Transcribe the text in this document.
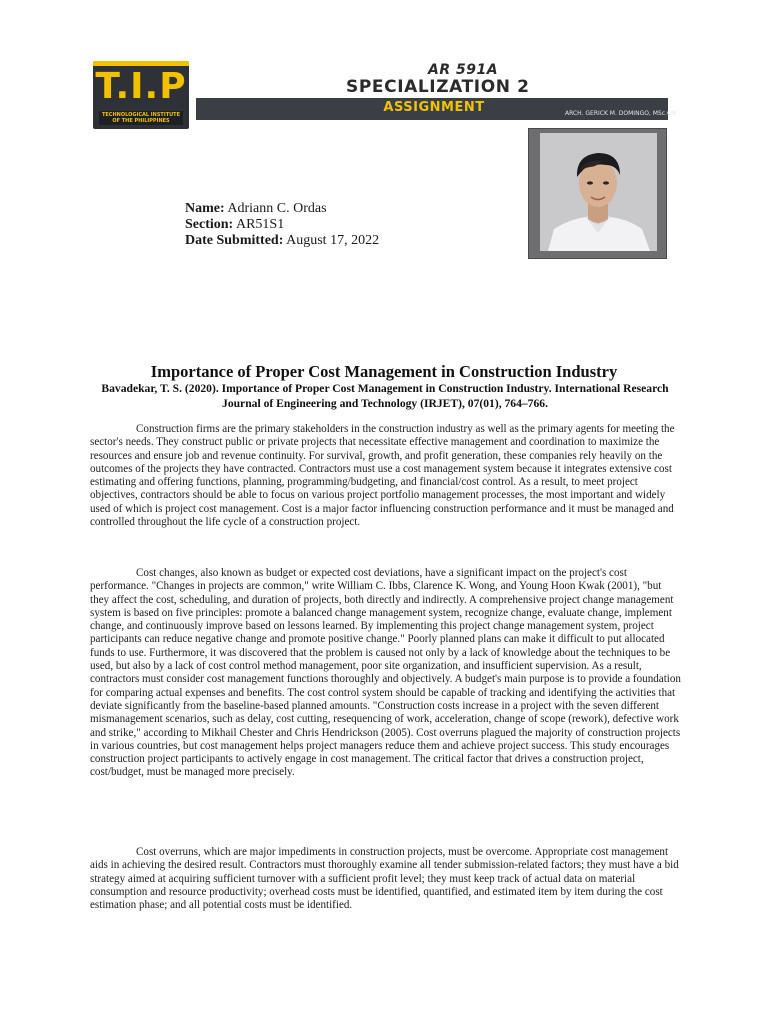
T.I.P
TECHNOLOGICAL INSTITUTE OF THE PHILIPPINES
AR 591A
SPECIALIZATION 2
ASSIGNMENT	ARCH. GERICK M. DOMINGO, MSc.CM
Name: Adriann C. Ordas
Section: AR51S1
Date Submitted: August 17, 2022
Importance of Proper Cost Management in Construction Industry
Bavadekar, T. S. (2020). Importance of Proper Cost Management in Construction Industry. International Research Journal of Engineering and Technology (IRJET), 07(01), 764–766.

Construction firms are the primary stakeholders in the construction industry as well as the primary agents for meeting the sector's needs. They construct public or private projects that necessitate effective management and coordination to maximize the resources and ensure job and revenue continuity. For survival, growth, and profit generation, these companies rely heavily on the outcomes of the projects they have contracted. Contractors must use a cost management system because it integrates extensive cost estimating and offering functions, planning, programming/budgeting, and financial/cost control. As a result, to meet project objectives, contractors should be able to focus on various project portfolio management processes, the most important and widely used of which is project cost management. Cost is a major factor influencing construction performance and it must be managed and controlled throughout the life cycle of a construction project.

Cost changes, also known as budget or expected cost deviations, have a significant impact on the project's cost performance. "Changes in projects are common," write William C. Ibbs, Clarence K. Wong, and Young Hoon Kwak (2001), "but they affect the cost, scheduling, and duration of projects, both directly and indirectly. A comprehensive project change management system is based on five principles: promote a balanced change management system, recognize change, evaluate change, implement change, and continuously improve based on lessons learned. By implementing this project change management system, project participants can reduce negative change and promote positive change." Poorly planned plans can make it difficult to put allocated funds to use. Furthermore, it was discovered that the problem is caused not only by a lack of knowledge about the techniques to be used, but also by a lack of cost control method management, poor site organization, and insufficient supervision. As a result, contractors must consider cost management functions thoroughly and objectively. A budget's main purpose is to provide a foundation for comparing actual expenses and benefits. The cost control system should be capable of tracking and identifying the activities that deviate significantly from the baseline-based planned amounts. "Construction costs increase in a project with the seven different mismanagement scenarios, such as delay, cost cutting, resequencing of work, acceleration, change of scope (rework), defective work and strike," according to Mikhail Chester and Chris Hendrickson (2005). Cost overruns plagued the majority of construction projects in various countries, but cost management helps project managers reduce them and achieve project success. This study encourages construction project participants to actively engage in cost management. The critical factor that drives a construction project, cost/budget, must be managed more precisely.

Cost overruns, which are major impediments in construction projects, must be overcome. Appropriate cost management aids in achieving the desired result. Contractors must thoroughly examine all tender submission-related factors; they must have a bid strategy aimed at acquiring sufficient turnover with a sufficient profit level; they must keep track of actual data on material consumption and resource productivity; overhead costs must be identified, quantified, and estimated item by item during the cost estimation phase; and all potential costs must be identified.
